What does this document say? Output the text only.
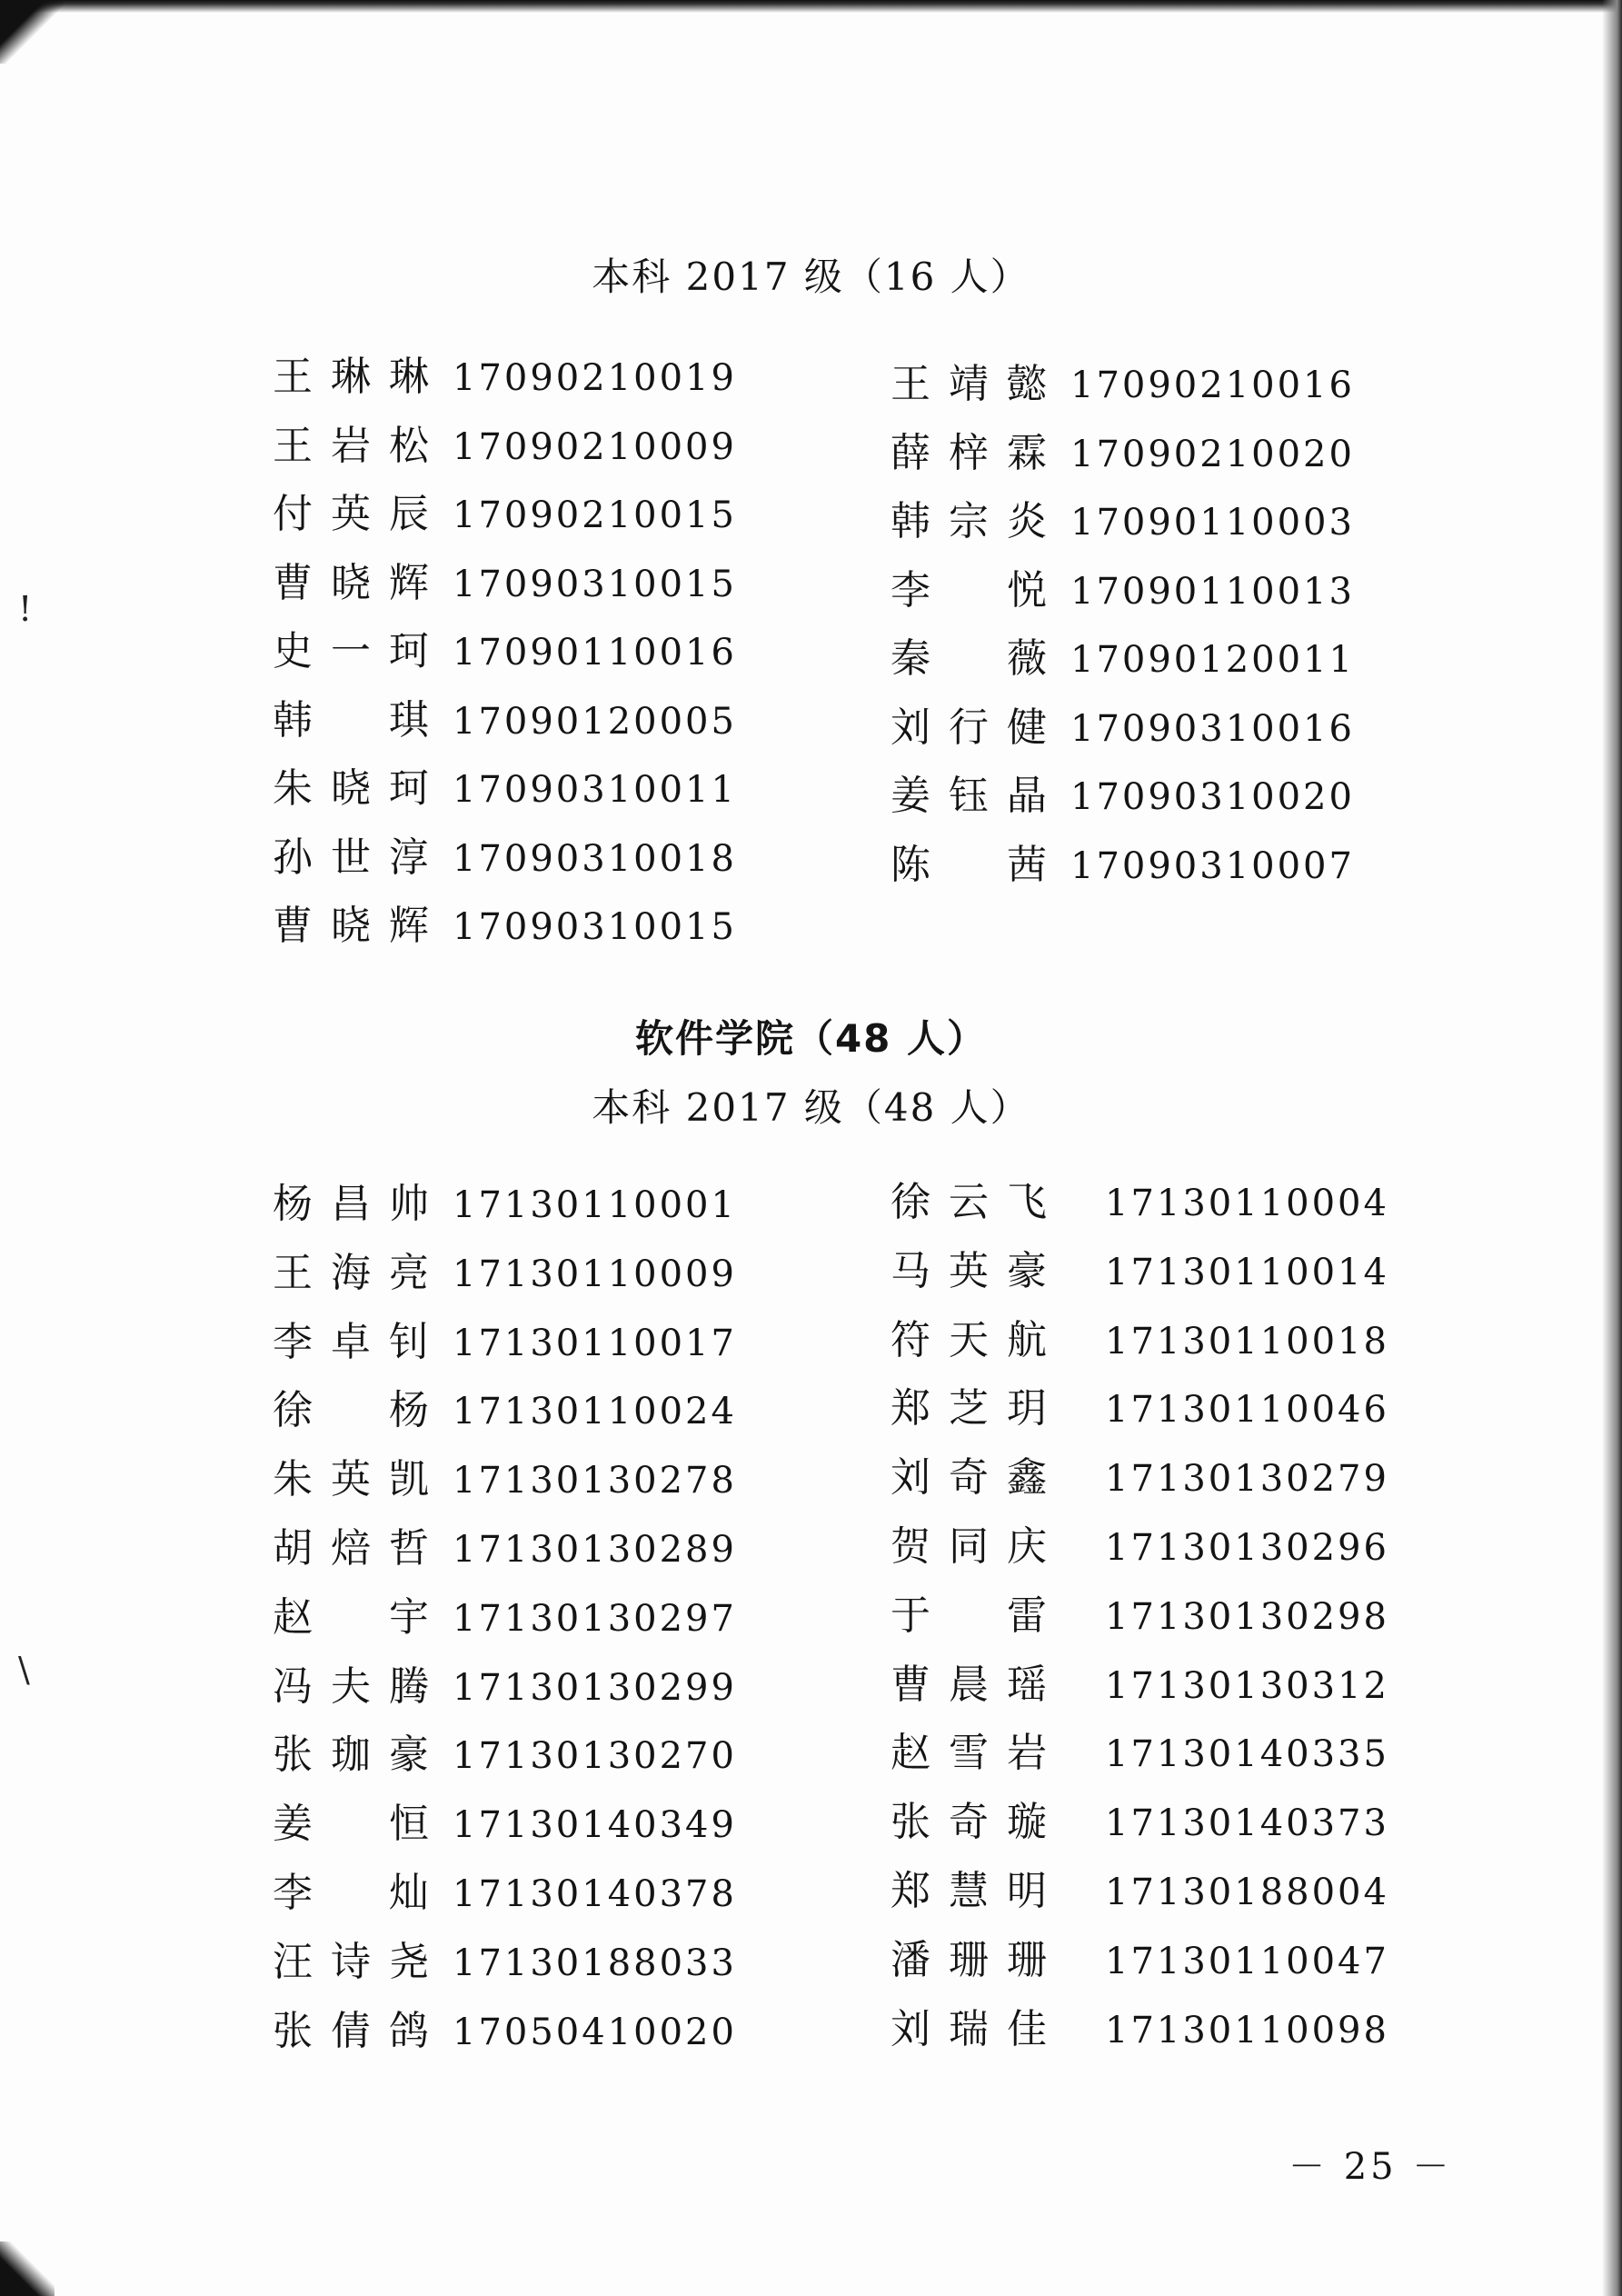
!
\
本科 2017 级（16 人）
王 琳 琳 17090210019
王 岩 松 17090210009
付 英 辰 17090210015
曹 晓 辉 17090310015
史 一 珂 17090110016
韩 琪 17090120005
朱 晓 珂 17090310011
孙 世 淳 17090310018
曹 晓 辉 17090310015
王 靖 懿 17090210016
薛 梓 霖 17090210020
韩 宗 炎 17090110003
李 悦 17090110013
秦 薇 17090120011
刘 行 健 17090310016
姜 钰 晶 17090310020
陈 茜 17090310007
软件学院（48 人）
本科 2017 级（48 人）
杨 昌 帅 17130110001
王 海 亮 17130110009
李 卓 钊 17130110017
徐 杨 17130110024
朱 英 凯 17130130278
胡 焙 哲 17130130289
赵 宇 17130130297
冯 夫 腾 17130130299
张 珈 豪 17130130270
姜 恒 17130140349
李 灿 17130140378
汪 诗 尧 17130188033
张 倩 鸽 17050410020
徐 云 飞 17130110004
马 英 豪 17130110014
符 天 航 17130110018
郑 芝 玥 17130110046
刘 奇 鑫 17130130279
贺 同 庆 17130130296
于 雷 17130130298
曹 晨 瑶 17130130312
赵 雪 岩 17130140335
张 奇 璇 17130140373
郑 慧 明 17130188004
潘 珊 珊 17130110047
刘 瑞 佳 17130110098
－ 25 －
